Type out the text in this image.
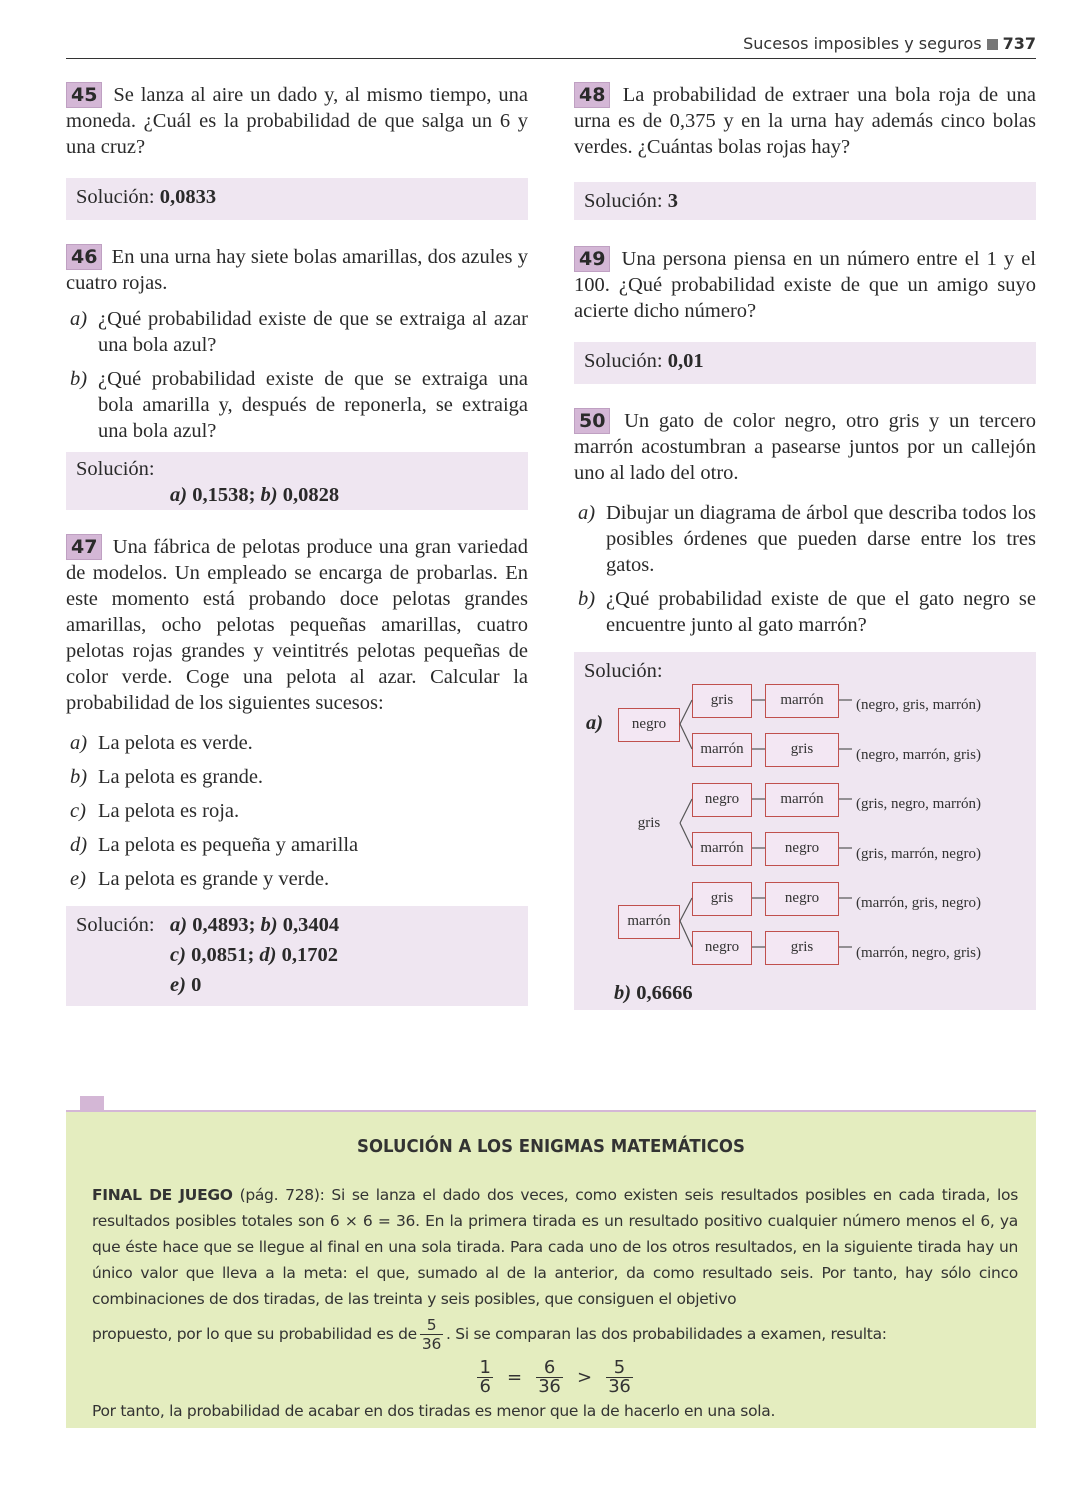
Sucesos imposibles y seguros 737
45 Se lanza al aire un dado y, al mismo tiempo, una moneda. ¿Cuál es la probabilidad de que salga un 6 y una cruz?
Solución: 0,0833
46 En una urna hay siete bolas amarillas, dos azules y cuatro rojas.
a) ¿Qué probabilidad existe de que se extraiga al azar una bola azul?
b) ¿Qué probabilidad existe de que se extraiga una bola amarilla y, después de reponerla, se extraiga una bola azul?
Solución:
a) 0,1538; b) 0,0828
47 Una fábrica de pelotas produce una gran variedad de modelos. Un empleado se encarga de probarlas. En este momento está probando doce pelotas grandes amarillas, ocho pelotas pequeñas amarillas, cuatro pelotas rojas grandes y veintitrés pelotas pequeñas de color verde. Coge una pelota al azar. Calcular la probabilidad de los siguientes sucesos:
a) La pelota es verde.
b) La pelota es grande.
c) La pelota es roja.
d) La pelota es pequeña y amarilla
e) La pelota es grande y verde.
Solución: a) 0,4893; b) 0,3404
c) 0,0851; d) 0,1702
e) 0
48 La probabilidad de extraer una bola roja de una urna es de 0,375 y en la urna hay además cinco bolas verdes. ¿Cuántas bolas rojas hay?
Solución: 3
49 Una persona piensa en un número entre el 1 y el 100. ¿Qué probabilidad existe de que un amigo suyo acierte dicho número?
Solución: 0,01
50 Un gato de color negro, otro gris y un tercero marrón acostumbran a pasearse juntos por un callejón uno al lado del otro.
a) Dibujar un diagrama de árbol que describa todos los posibles órdenes que pueden darse entre los tres gatos.
b) ¿Qué probabilidad existe de que el gato negro se encuentre junto al gato marrón?
Solución:
a)
b) 0,6666
negro
gris
marrón
gris
marrón
negro
marrón
gris
negro
marrón
gris
marrón
negro
negro
gris
(negro, gris, marrón)
(negro, marrón, gris)
(gris, negro, marrón)
(gris, marrón, negro)
(marrón, gris, negro)
(marrón, negro, gris)
SOLUCIÓN A LOS ENIGMAS MATEMÁTICOS
FINAL DE JUEGO (pág. 728): Si se lanza el dado dos veces, como existen seis resultados posibles en cada tirada, los resultados posibles totales son 6 × 6 = 36. En la primera tirada es un resultado positivo cualquier número menos el 6, ya que éste hace que se llegue al final en una sola tirada. Para cada uno de los otros resultados, en la siguiente tirada hay un único valor que lleva a la meta: el que, sumado al de la anterior, da como resultado seis. Por tanto, hay sólo cinco combinaciones de dos tiradas, de las treinta y seis posibles, que consiguen el objetivo
propuesto, por lo que su probabilidad es de $\frac{5}{36}$ . Si se comparan las dos probabilidades a examen, resulta:
$\frac{1}{6} = \frac{6}{36} > \frac{5}{36}$
Por tanto, la probabilidad de acabar en dos tiradas es menor que la de hacerlo en una sola.
